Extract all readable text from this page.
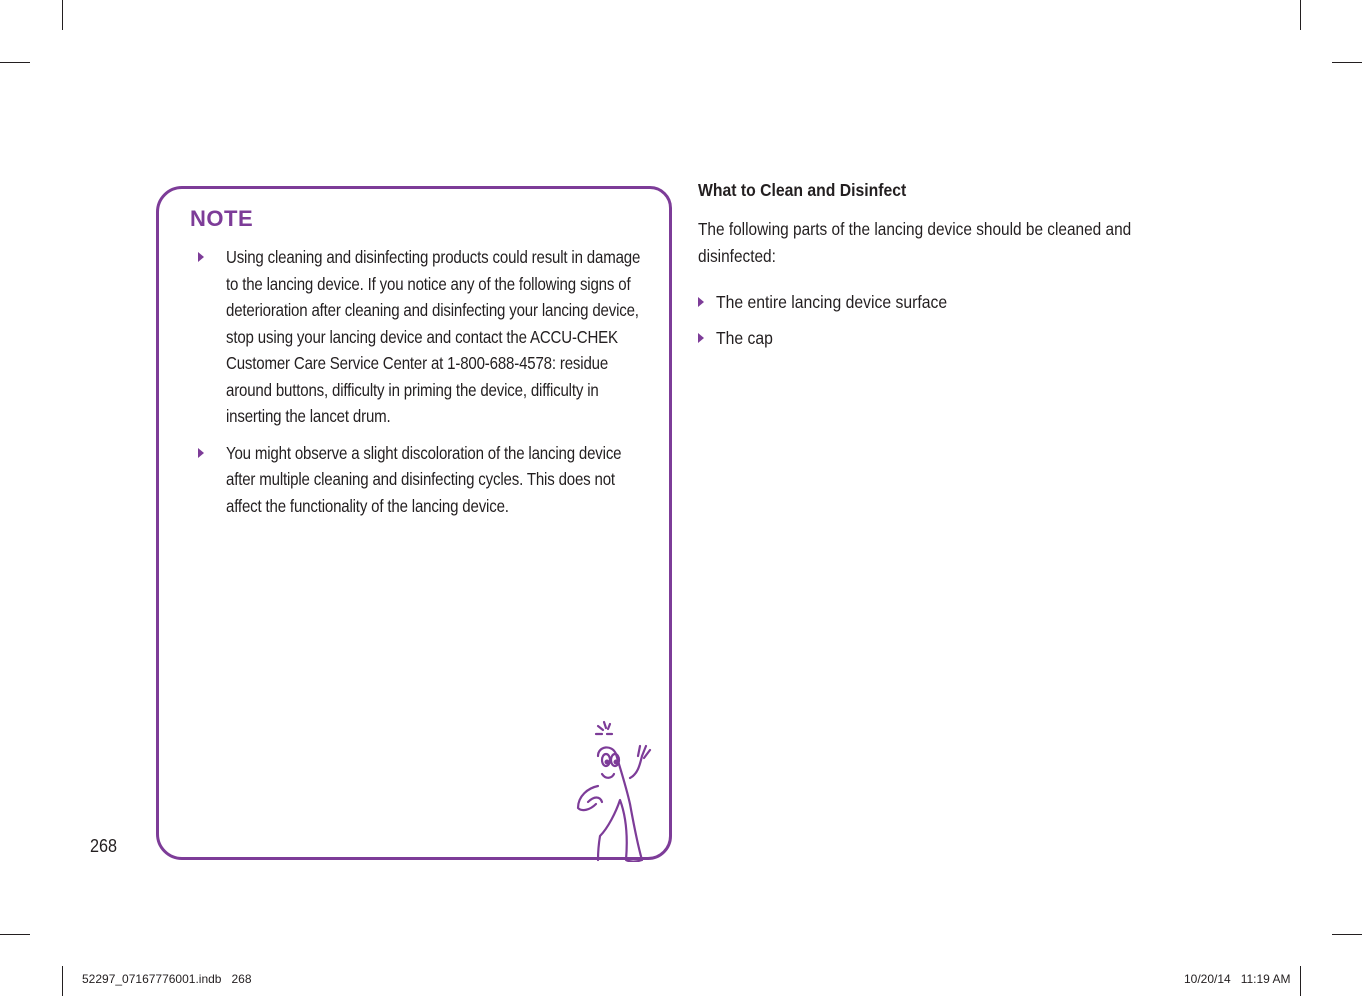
NOTE
Using cleaning and disinfecting products could result in damage to the lancing device. If you notice any of the following signs of deterioration after cleaning and disinfecting your lancing device, stop using your lancing device and contact the ACCU-CHEK Customer Care Service Center at 1-800-688-4578: residue around buttons, difficulty in priming the device, difficulty in inserting the lancet drum.
You might observe a slight discoloration of the lancing device after multiple cleaning and disinfecting cycles. This does not affect the functionality of the lancing device.
What to Clean and Disinfect
The following parts of the lancing device should be cleaned and disinfected:
The entire lancing device surface
The cap
268
52297_07167776001.indb   268	10/20/14   11:19 AM
